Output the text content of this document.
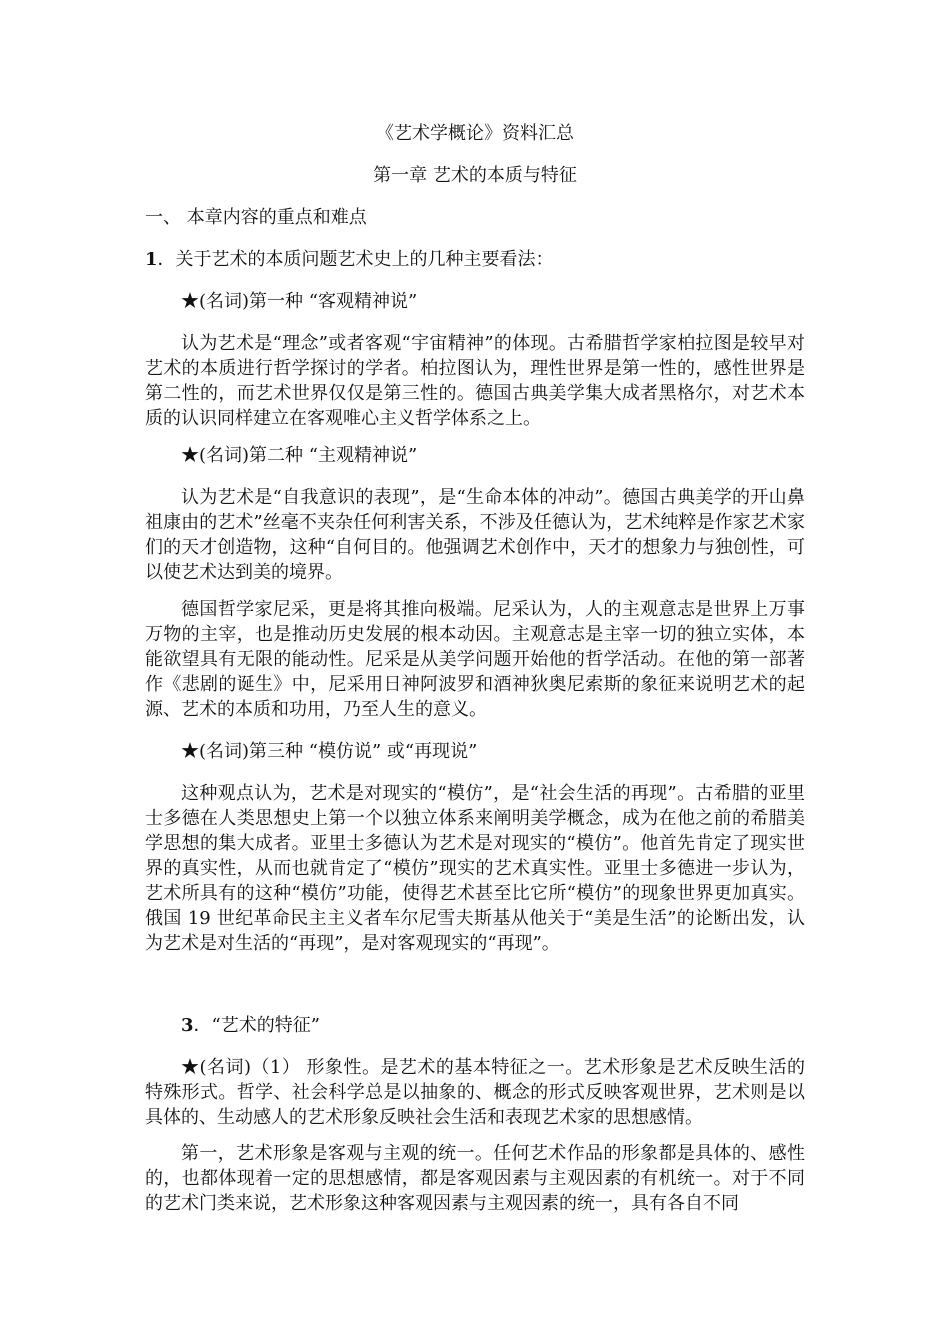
《艺术学概论》资料汇总
第一章 艺术的本质与特征
一、 本章内容的重点和难点
1．关于艺术的本质问题艺术史上的几种主要看法：
★(名词)第一种 “客观精神说”
认为艺术是“理念”或者客观“宇宙精神”的体现。古希腊哲学家柏拉图是较早对艺术的本质进行哲学探讨的学者。柏拉图认为，理性世界是第一性的，感性世界是第二性的，而艺术世界仅仅是第三性的。德国古典美学集大成者黑格尔，对艺术本质的认识同样建立在客观唯心主义哲学体系之上。
★(名词)第二种 “主观精神说”
认为艺术是“自我意识的表现”，是“生命本体的冲动”。德国古典美学的开山鼻祖康由的艺术”丝毫不夹杂任何利害关系，不涉及任德认为，艺术纯粹是作家艺术家们的天才创造物，这种“自何目的。他强调艺术创作中，天才的想象力与独创性，可以使艺术达到美的境界。
德国哲学家尼采，更是将其推向极端。尼采认为，人的主观意志是世界上万事万物的主宰，也是推动历史发展的根本动因。主观意志是主宰一切的独立实体，本能欲望具有无限的能动性。尼采是从美学问题开始他的哲学活动。在他的第一部著作《悲剧的诞生》中，尼采用日神阿波罗和酒神狄奥尼索斯的象征来说明艺术的起源、艺术的本质和功用，乃至人生的意义。
★(名词)第三种 “模仿说” 或“再现说”
这种观点认为，艺术是对现实的“模仿”，是“社会生活的再现”。古希腊的亚里士多德在人类思想史上第一个以独立体系来阐明美学概念，成为在他之前的希腊美学思想的集大成者。亚里士多德认为艺术是对现实的“模仿”。他首先肯定了现实世界的真实性，从而也就肯定了“模仿”现实的艺术真实性。亚里士多德进一步认为，艺术所具有的这种“模仿”功能，使得艺术甚至比它所“模仿”的现象世界更加真实。俄国 19 世纪革命民主主义者车尔尼雪夫斯基从他关于“美是生活”的论断出发，认为艺术是对生活的“再现”，是对客观现实的“再现”。
3．“艺术的特征”
★(名词)（1） 形象性。是艺术的基本特征之一。艺术形象是艺术反映生活的特殊形式。哲学、社会科学总是以抽象的、概念的形式反映客观世界，艺术则是以具体的、生动感人的艺术形象反映社会生活和表现艺术家的思想感情。
第一，艺术形象是客观与主观的统一。任何艺术作品的形象都是具体的、感性的，也都体现着一定的思想感情，都是客观因素与主观因素的有机统一。对于不同的艺术门类来说，艺术形象这种客观因素与主观因素的统一，具有各自不同
